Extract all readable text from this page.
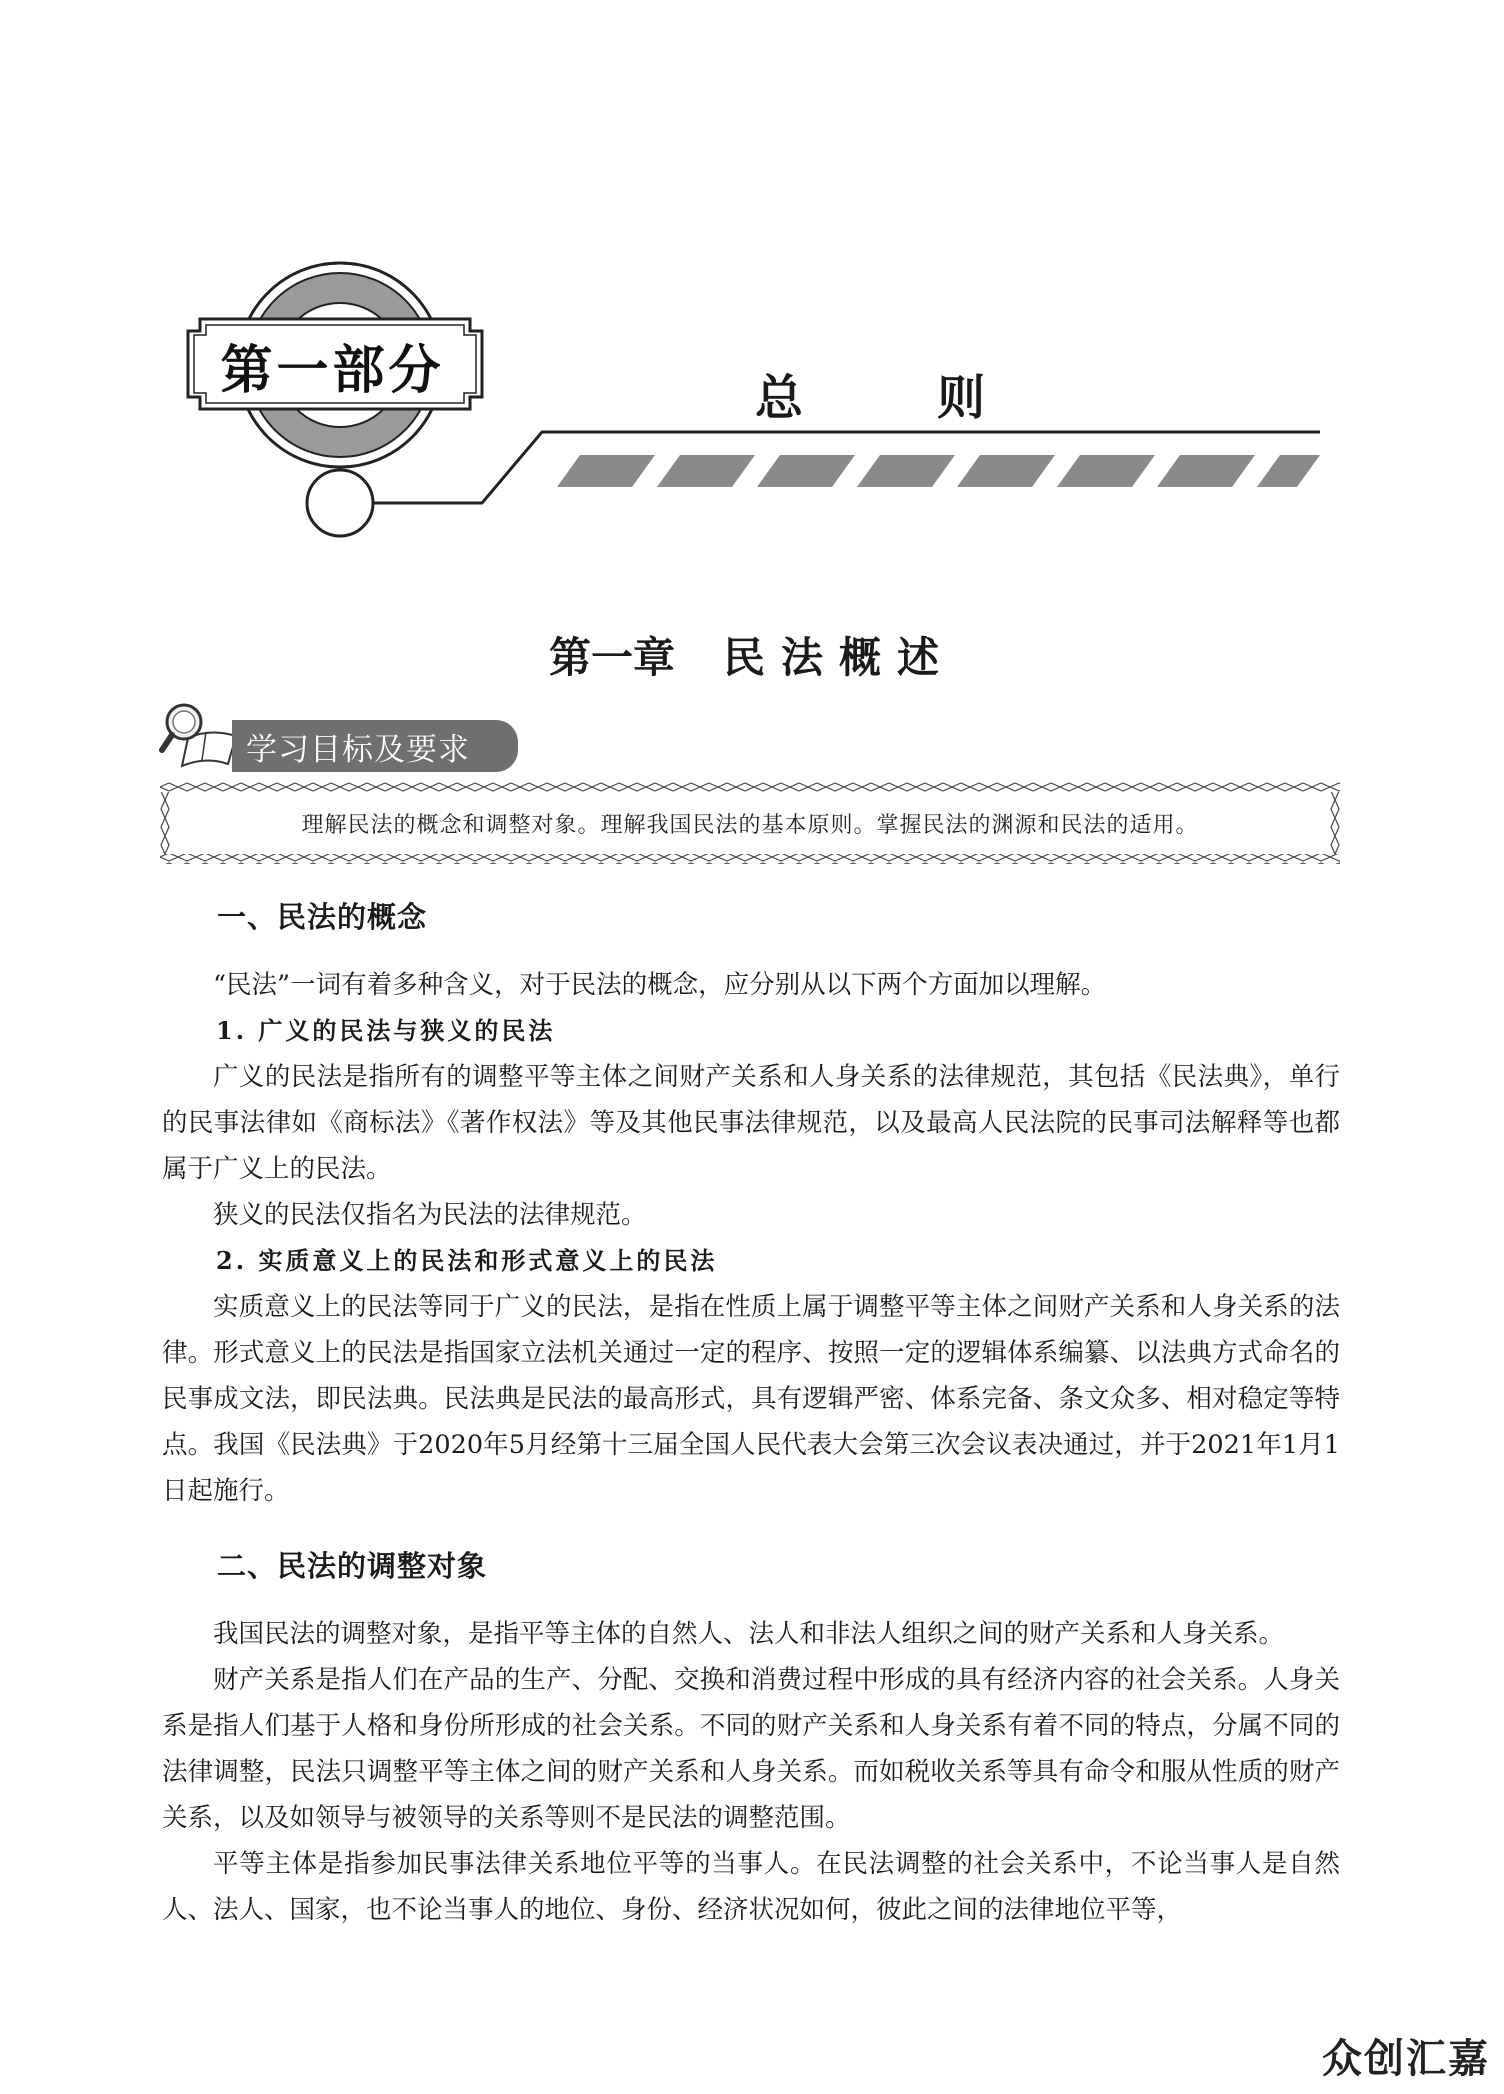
第一部分	总	则
第一章 民法概述
学习目标及要求
理解民法的概念和调整对象。理解我国民法的基本原则。掌握民法的渊源和民法的适用。
一、民法的概念

“民法”一词有着多种含义，对于民法的概念，应分别从以下两个方面加以理解。

1. 广义的民法与狭义的民法

广义的民法是指所有的调整平等主体之间财产关系和人身关系的法律规范，其包括《民法典》，单行的民事法律如《商标法》《著作权法》等及其他民事法律规范，以及最高人民法院的民事司法解释等也都属于广义上的民法。

狭义的民法仅指名为民法的法律规范。

2. 实质意义上的民法和形式意义上的民法

实质意义上的民法等同于广义的民法，是指在性质上属于调整平等主体之间财产关系和人身关系的法律。形式意义上的民法是指国家立法机关通过一定的程序、按照一定的逻辑体系编纂、以法典方式命名的民事成文法，即民法典。民法典是民法的最高形式，具有逻辑严密、体系完备、条文众多、相对稳定等特点。我国《民法典》于2020年5月经第十三届全国人民代表大会第三次会议表决通过，并于2021年1月1日起施行。

二、民法的调整对象

我国民法的调整对象，是指平等主体的自然人、法人和非法人组织之间的财产关系和人身关系。

财产关系是指人们在产品的生产、分配、交换和消费过程中形成的具有经济内容的社会关系。人身关系是指人们基于人格和身份所形成的社会关系。不同的财产关系和人身关系有着不同的特点，分属不同的法律调整，民法只调整平等主体之间的财产关系和人身关系。而如税收关系等具有命令和服从性质的财产关系，以及如领导与被领导的关系等则不是民法的调整范围。

平等主体是指参加民事法律关系地位平等的当事人。在民法调整的社会关系中，不论当事人是自然人、法人、国家，也不论当事人的地位、身份、经济状况如何，彼此之间的法律地位平等，

众创汇嘉
